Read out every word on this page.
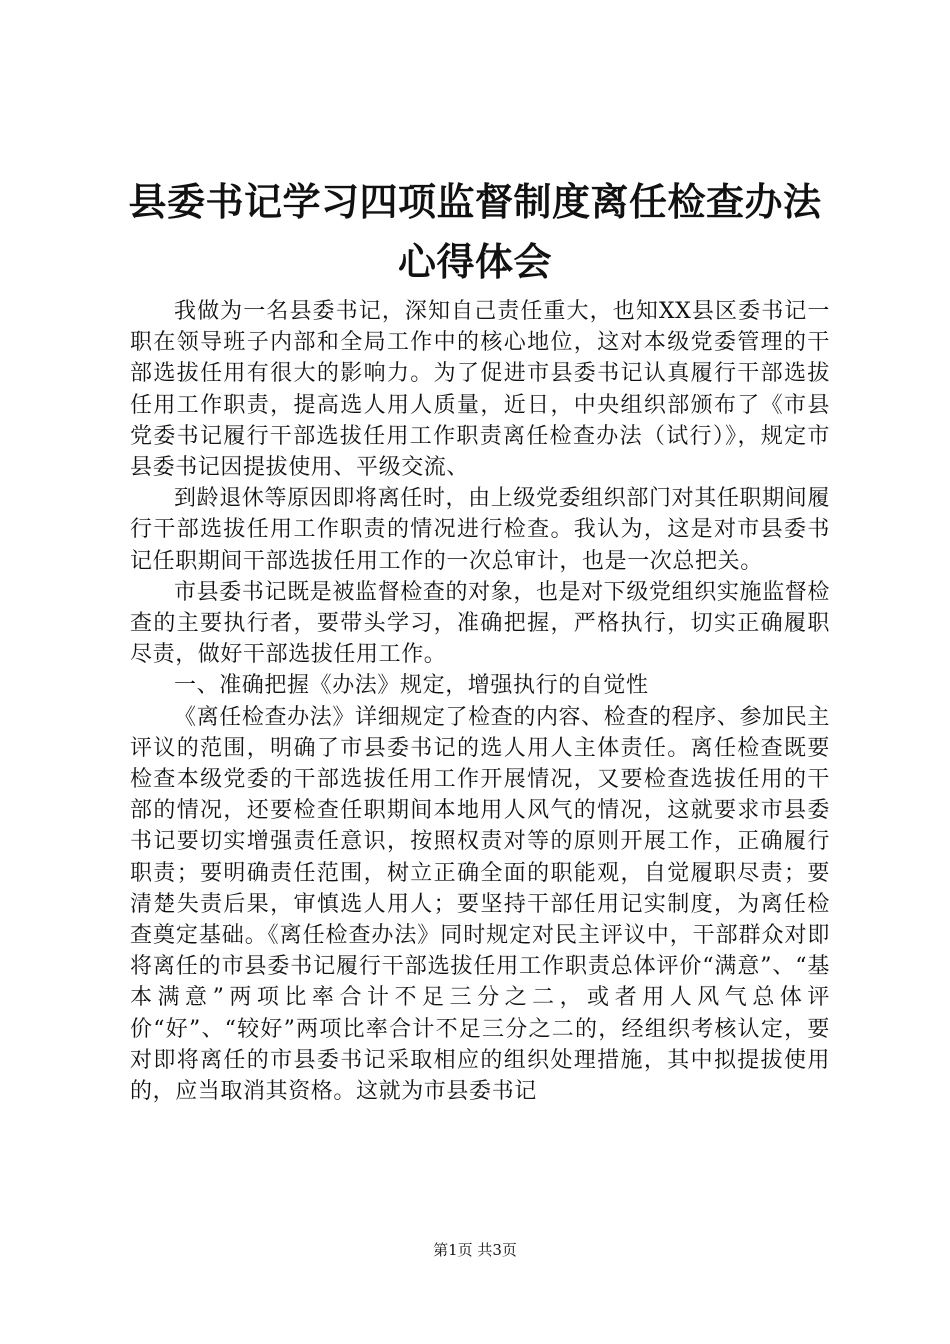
县委书记学习四项监督制度离任检查办法心得体会

我做为一名县委书记，深知自己责任重大，也知XX县区委书记一职在领导班子内部和全局工作中的核心地位，这对本级党委管理的干部选拔任用有很大的影响力。为了促进市县委书记认真履行干部选拔任用工作职责，提高选人用人质量，近日，中央组织部颁布了《市县党委书记履行干部选拔任用工作职责离任检查办法（试行）》，规定市县委书记因提拔使用、平级交流、

到龄退休等原因即将离任时，由上级党委组织部门对其任职期间履行干部选拔任用工作职责的情况进行检查。我认为，这是对市县委书记任职期间干部选拔任用工作的一次总审计，也是一次总把关。

市县委书记既是被监督检查的对象，也是对下级党组织实施监督检查的主要执行者，要带头学习，准确把握，严格执行，切实正确履职尽责，做好干部选拔任用工作。

一、准确把握《办法》规定，增强执行的自觉性

《离任检查办法》详细规定了检查的内容、检查的程序、参加民主评议的范围，明确了市县委书记的选人用人主体责任。离任检查既要检查本级党委的干部选拔任用工作开展情况，又要检查选拔任用的干部的情况，还要检查任职期间本地用人风气的情况，这就要求市县委书记要切实增强责任意识，按照权责对等的原则开展工作，正确履行职责；要明确责任范围，树立正确全面的职能观，自觉履职尽责；要清楚失责后果，审慎选人用人；要坚持干部任用记实制度，为离任检查奠定基础。《离任检查办法》同时规定对民主评议中，干部群众对即将离任的市县委书记履行干部选拔任用工作职责总体评价“满意”、“基本满意”两项比率合计不足三分之二，或者用人风气总体评价“好”、“较好”两项比率合计不足三分之二的，经组织考核认定，要对即将离任的市县委书记采取相应的组织处理措施，其中拟提拔使用的，应当取消其资格。这就为市县委书记

第1页 共3页
